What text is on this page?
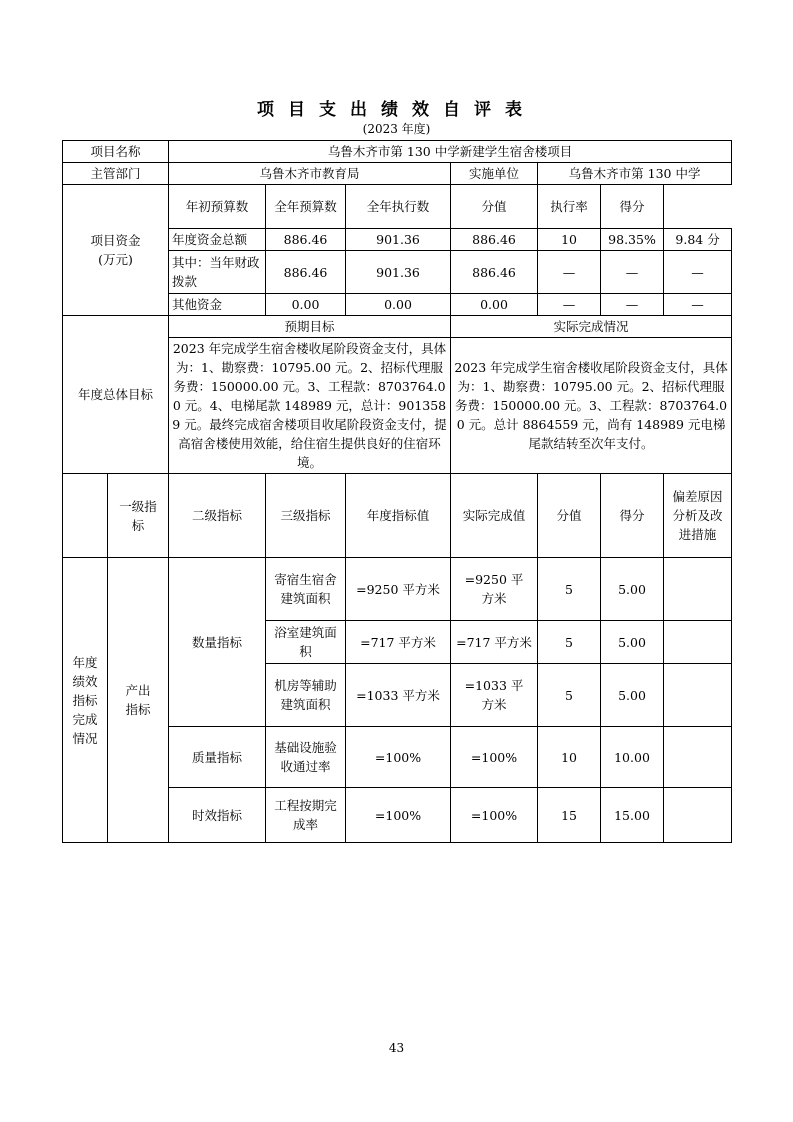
项目支出绩效自评表
(2023 年度)
项目名称		乌鲁木齐市第 130 中学新建学生宿舍楼项目						
主管部门		乌鲁木齐市教育局			实施单位	乌鲁木齐市第 130 中学		
项目资金
(万元)		年初预算数	全年预算数	全年执行数	分值	执行率	得分	
		年度资金总额	886.46	901.36	886.46	10	98.35%	9.84 分
		其中：当年财政拨款	886.46	901.36	886.46	—	—	—
		其他资金	0.00	0.00	0.00	—	—	—
年度总体目标		预期目标			实际完成情况			
		2023 年完成学生宿舍楼收尾阶段资金支付，具体为：1、勘察费：10795.00 元。2、招标代理服务费：150000.00 元。3、工程款：8703764.00 元。4、电梯尾款 148989 元，总计：9013589 元。最终完成宿舍楼项目收尾阶段资金支付，提高宿舍楼使用效能，给住宿生提供良好的住宿环境。			2023 年完成学生宿舍楼收尾阶段资金支付，具体为：1、勘察费：10795.00 元。2、招标代理服务费：150000.00 元。3、工程款：8703764.00 元。总计 8864559 元，尚有 148989 元电梯尾款结转至次年支付。			
	一级指标	二级指标	三级指标	年度指标值	实际完成值	分值	得分	偏差原因分析及改进措施
年度绩效指标完成情况	产出指标	数量指标	寄宿生宿舍建筑面积	=9250 平方米	=9250 平方米	5	5.00	
			浴室建筑面积	=717 平方米	=717 平方米	5	5.00	
			机房等辅助建筑面积	=1033 平方米	=1033 平方米	5	5.00	
		质量指标	基础设施验收通过率	=100%	=100%	10	10.00	
		时效指标	工程按期完成率	=100%	=100%	15	15.00	
43
